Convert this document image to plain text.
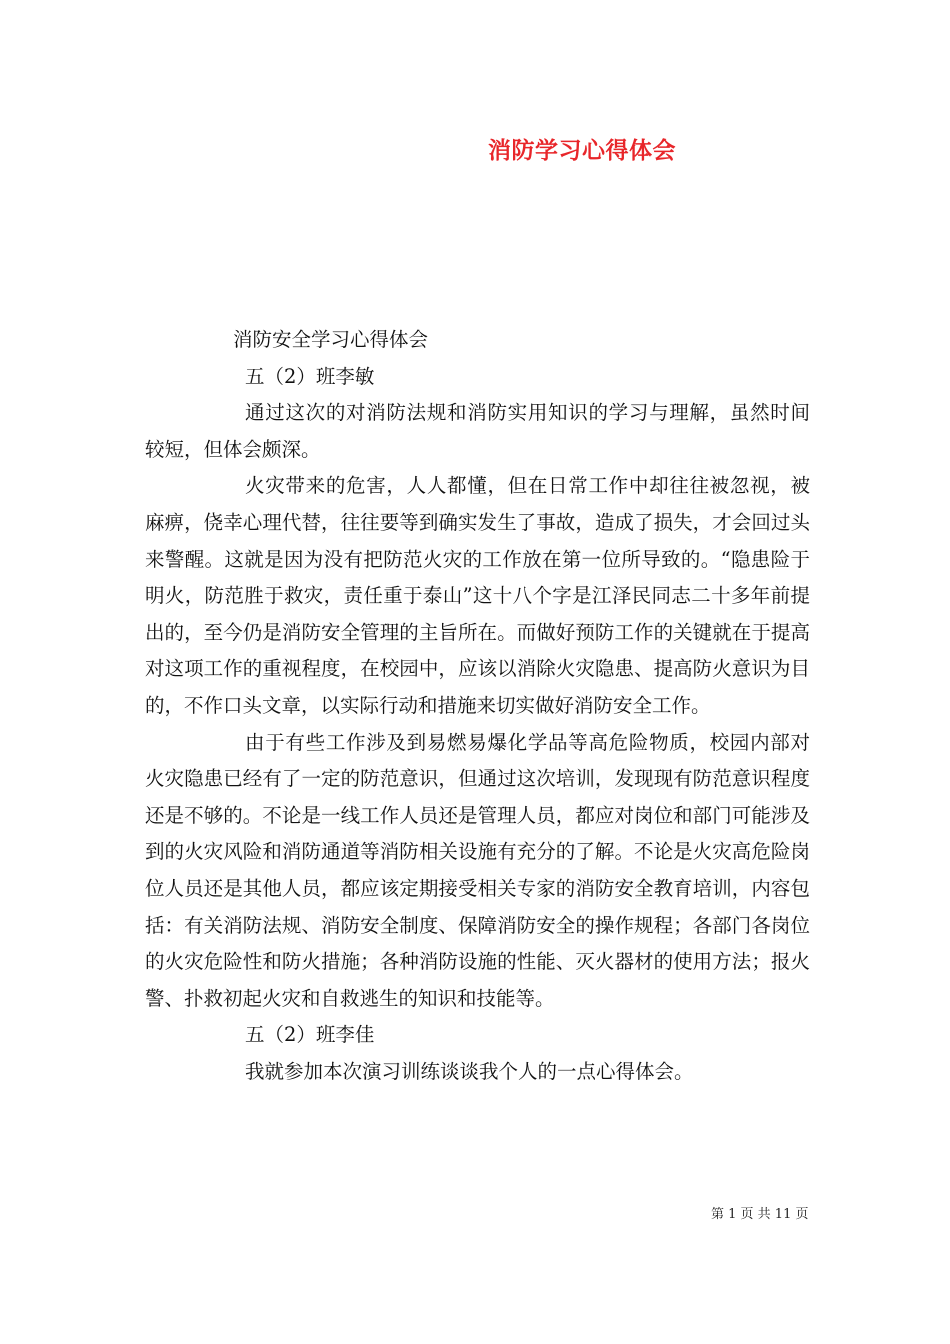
消防学习心得体会

消防安全学习心得体会

五（2）班李敏

通过这次的对消防法规和消防实用知识的学习与理解，虽然时间较短，但体会颇深。

火灾带来的危害，人人都懂，但在日常工作中却往往被忽视，被麻痹，侥幸心理代替，往往要等到确实发生了事故，造成了损失，才会回过头来警醒。这就是因为没有把防范火灾的工作放在第一位所导致的。“隐患险于明火，防范胜于救灾，责任重于泰山”这十八个字是江泽民同志二十多年前提出的，至今仍是消防安全管理的主旨所在。而做好预防工作的关键就在于提高对这项工作的重视程度，在校园中，应该以消除火灾隐患、提高防火意识为目的，不作口头文章，以实际行动和措施来切实做好消防安全工作。

由于有些工作涉及到易燃易爆化学品等高危险物质，校园内部对火灾隐患已经有了一定的防范意识，但通过这次培训，发现现有防范意识程度还是不够的。不论是一线工作人员还是管理人员，都应对岗位和部门可能涉及到的火灾风险和消防通道等消防相关设施有充分的了解。不论是火灾高危险岗位人员还是其他人员，都应该定期接受相关专家的消防安全教育培训，内容包括：有关消防法规、消防安全制度、保障消防安全的操作规程；各部门各岗位的火灾危险性和防火措施；各种消防设施的性能、灭火器材的使用方法；报火警、扑救初起火灾和自救逃生的知识和技能等。

五（2）班李佳

我就参加本次演习训练谈谈我个人的一点心得体会。

第 1 页 共 11 页
